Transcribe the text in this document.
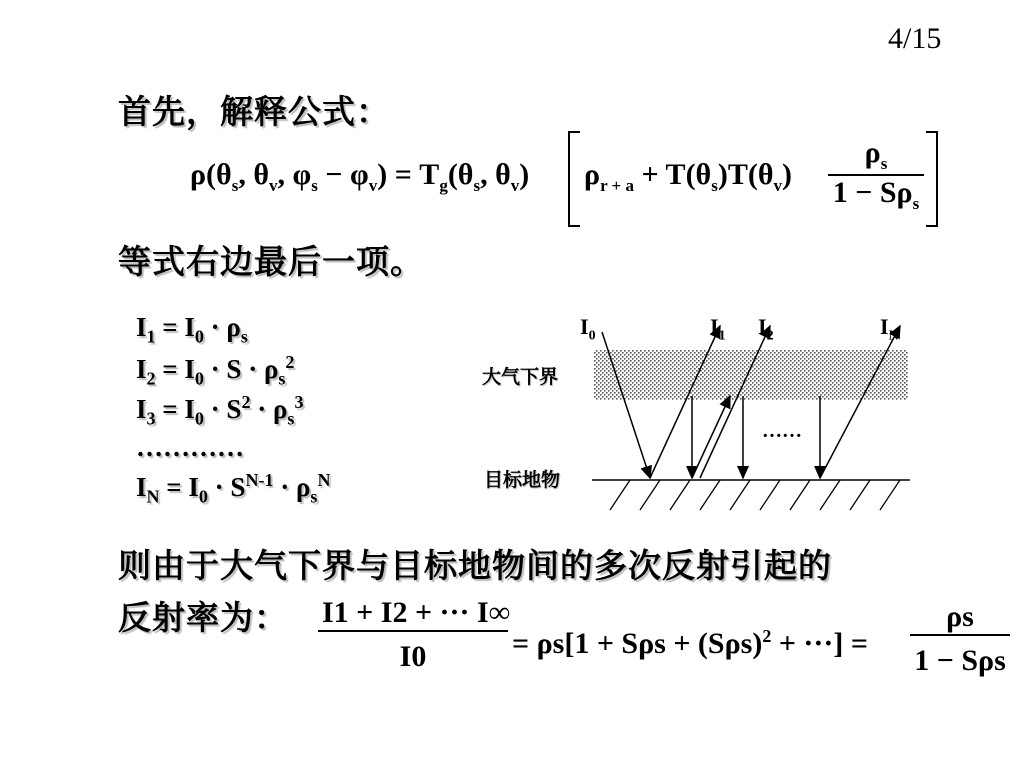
4/15
首先，解释公式：
$\rho(\theta_s$, $\theta_v$, $\varphi_s - \varphi_v) = T_g(\theta_s$, $\theta_v$) $\rho_{r + a} + T(\theta_s)T(\theta_v) \frac{\rho_s}{1 - S\rho_s}$
等式右边最后一项。
$I_1 = I_0 \cdot \rho_s$
$I_2 = I_0 \cdot S \cdot \rho_s^2$
$I_3 = I_0 \cdot S^2 \cdot \rho_s^3$
…………
$I_N = I_0 \cdot S^{N-1} \cdot \rho_s^N$
大气下界
目标地物
……
$I_0$	$I_1$ $I_2$	$I_N$
则由于大气下界与目标地物间的多次反射引起的
反射率为： $\frac{I1 + I2 + \cdot\cdot\cdot I\infty}{I0} = \rho s[1 + S\rho s + (S\rho s)^2$ + ···] = $\frac{\rho s}{\text{1 − Sρs}}$
